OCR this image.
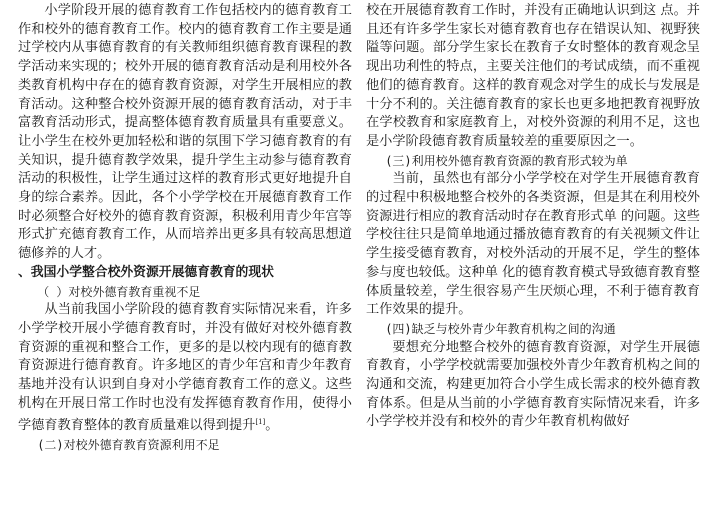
小学阶段开展的德育教育工作包括校内的德育教育工作和校外的德育教育工作。校内的德育教育工作主要是通过学校内从事德育教育的有关教师组织德育教育课程的教学活动来实现的；校外开展的德育教育活动是利用校外各类教育机构中存在的德育教育资源，对学生开展相应的教育活动。这种整合校外资源开展的德育教育活动，对于丰富教育活动形式，提高整体德育教育质量具有重要意义。让小学生在校外更加轻松和谐的氛围下学习德育教育的有关知识，提升德育教学效果，提升学生主动参与德育教育活动的积极性，让学生通过这样的教育形式更好地提升自身的综合素养。因此，各个小学学校在开展德育教育工作时必须整合好校外的德育教育资源，积极利用青少年宫等形式扩充德育教育工作，从而培养出更多具有较高思想道德修养的人才。

、我国小学整合校外资源开展德育教育的现状

（ ）对校外德育教育重视不足

从当前我国小学阶段的德育教育实际情况来看，许多小学学校开展小学德育教育时，并没有做好对校外德育教育资源的重视和整合工作，更多的是以校内现有的德育教育资源进行德育教育。许多地区的青少年宫和青少年教育基地并没有认识到自身对小学德育教育工作的意义。这些机构在开展日常工作时也没有发挥德育教育作用，使得小学德育教育整体的教育质量难以得到提升[1]。

(二)对校外德育教育资源利用不足

校在开展德育教育工作时，并没有正确地认识到这 点。并且还有许多学生家长对德育教育也存在错误认知、视野狭隘等问题。部分学生家长在教育子女时整体的教育观念呈现出功利性的特点，主要关注他们的考试成绩，而不重视他们的德育教育。这样的教育观念对学生的成长与发展是十分不利的。关注德育教育的家长也更多地把教育视野放在学校教育和家庭教育上，对校外资源的利用不足，这也是小学阶段德育教育质量较差的重要原因之一。

(三)利用校外德育教育资源的教育形式较为单

当前，虽然也有部分小学学校在对学生开展德育教育的过程中积极地整合校外的各类资源，但是其在利用校外资源进行相应的教育活动时存在教育形式单 的问题。这些学校往往只是简单地通过播放德育教育的有关视频文件让学生接受德育教育，对校外活动的开展不足，学生的整体参与度也较低。这种单 化的德育教育模式导致德育教育整体质量较差，学生很容易产生厌烦心理，不利于德育教育工作效果的提升。

(四)缺乏与校外青少年教育机构之间的沟通

要想充分地整合校外的德育教育资源，对学生开展德育教育，小学学校就需要加强校外青少年教育机构之间的沟通和交流，构建更加符合小学生成长需求的校外德育教育体系。但是从当前的小学德育教育实际情况来看，许多小学学校并没有和校外的青少年教育机构做好
